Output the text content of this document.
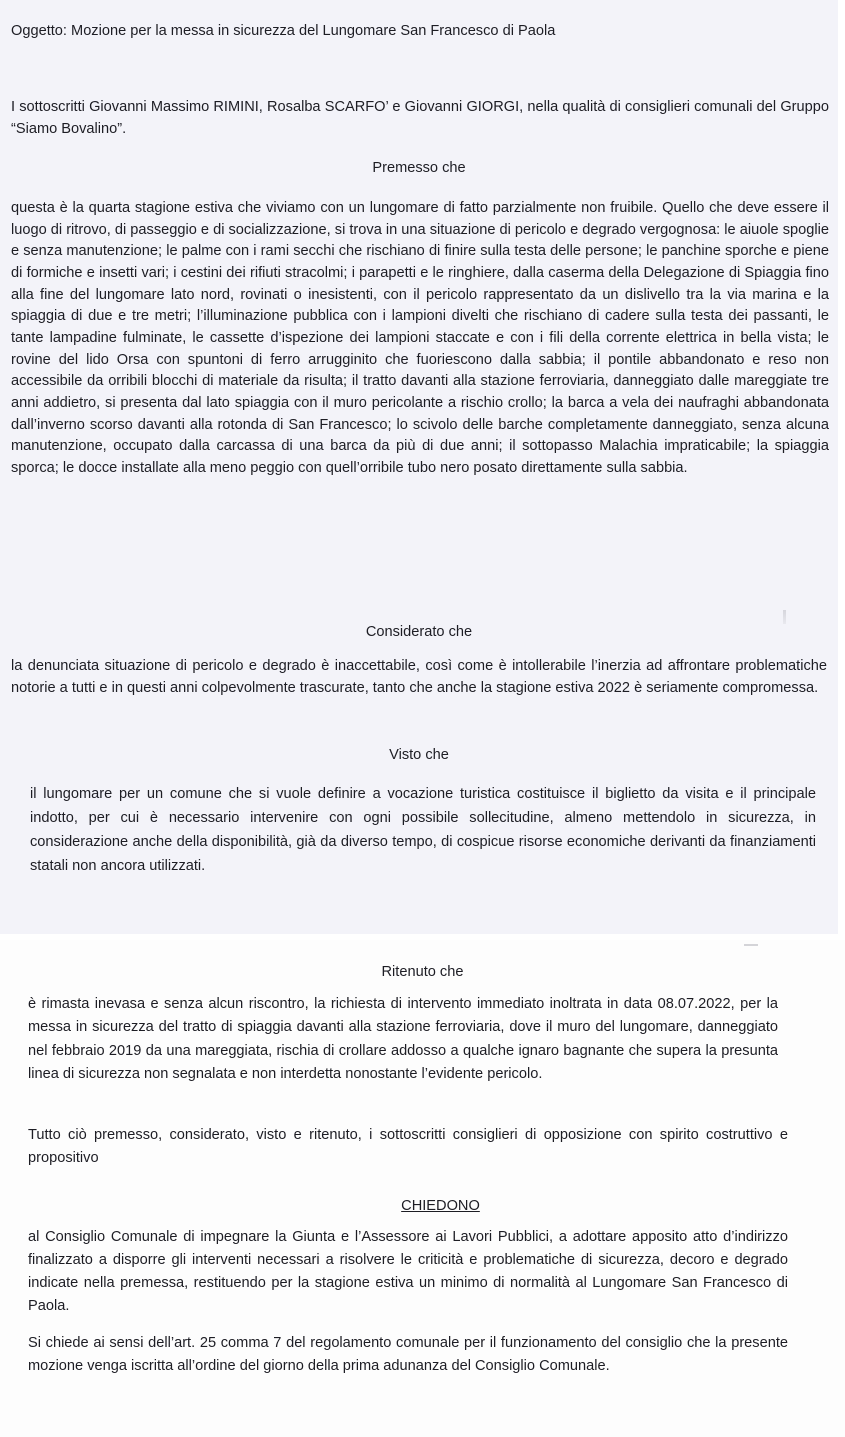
Oggetto: Mozione per la messa in sicurezza del Lungomare San Francesco di Paola

I sottoscritti Giovanni Massimo RIMINI, Rosalba SCARFO’ e Giovanni GIORGI, nella qualità di consiglieri comunali del Gruppo “Siamo Bovalino”.

Premesso che

questa è la quarta stagione estiva che viviamo con un lungomare di fatto parzialmente non fruibile. Quello che deve essere il luogo di ritrovo, di passeggio e di socializzazione, si trova in una situazione di pericolo e degrado vergognosa: le aiuole spoglie e senza manutenzione; le palme con i rami secchi che rischiano di finire sulla testa delle persone; le panchine sporche e piene di formiche e insetti vari; i cestini dei rifiuti stracolmi; i parapetti e le ringhiere, dalla caserma della Delegazione di Spiaggia fino alla fine del lungomare lato nord, rovinati o inesistenti, con il pericolo rappresentato da un dislivello tra la via marina e la spiaggia di due e tre metri; l’illuminazione pubblica con i lampioni divelti che rischiano di cadere sulla testa dei passanti, le tante lampadine fulminate, le cassette d’ispezione dei lampioni staccate e con i fili della corrente elettrica in bella vista; le rovine del lido Orsa con spuntoni di ferro arrugginito che fuoriescono dalla sabbia; il pontile abbandonato e reso non accessibile da orribili blocchi di materiale da risulta; il tratto davanti alla stazione ferroviaria, danneggiato dalle mareggiate tre anni addietro, si presenta dal lato spiaggia con il muro pericolante a rischio crollo; la barca a vela dei naufraghi abbandonata dall’inverno scorso davanti alla rotonda di San Francesco; lo scivolo delle barche completamente danneggiato, senza alcuna manutenzione, occupato dalla carcassa di una barca da più di due anni; il sottopasso Malachia impraticabile; la spiaggia sporca; le docce installate alla meno peggio con quell’orribile tubo nero posato direttamente sulla sabbia.

Considerato che

la denunciata situazione di pericolo e degrado è inaccettabile, così come è intollerabile l’inerzia ad affrontare problematiche notorie a tutti e in questi anni colpevolmente trascurate, tanto che anche la stagione estiva 2022 è seriamente compromessa.

Visto che

il lungomare per un comune che si vuole definire a vocazione turistica costituisce il biglietto da visita e il principale indotto, per cui è necessario intervenire con ogni possibile sollecitudine, almeno mettendolo in sicurezza, in considerazione anche della disponibilità, già da diverso tempo, di cospicue risorse economiche derivanti da finanziamenti statali non ancora utilizzati.

Ritenuto che

è rimasta inevasa e senza alcun riscontro, la richiesta di intervento immediato inoltrata in data 08.07.2022, per la messa in sicurezza del tratto di spiaggia davanti alla stazione ferroviaria, dove il muro del lungomare, danneggiato nel febbraio 2019 da una mareggiata, rischia di crollare addosso a qualche ignaro bagnante che supera la presunta linea di sicurezza non segnalata e non interdetta nonostante l’evidente pericolo.

Tutto ciò premesso, considerato, visto e ritenuto, i sottoscritti consiglieri di opposizione con spirito costruttivo e propositivo

CHIEDONO

al Consiglio Comunale di impegnare la Giunta e l’Assessore ai Lavori Pubblici, a adottare apposito atto d’indirizzo finalizzato a disporre gli interventi necessari a risolvere le criticità e problematiche di sicurezza, decoro e degrado indicate nella premessa, restituendo per la stagione estiva un minimo di normalità al Lungomare San Francesco di Paola.

Si chiede ai sensi dell’art. 25 comma 7 del regolamento comunale per il funzionamento del consiglio che la presente mozione venga iscritta all’ordine del giorno della prima adunanza del Consiglio Comunale.
